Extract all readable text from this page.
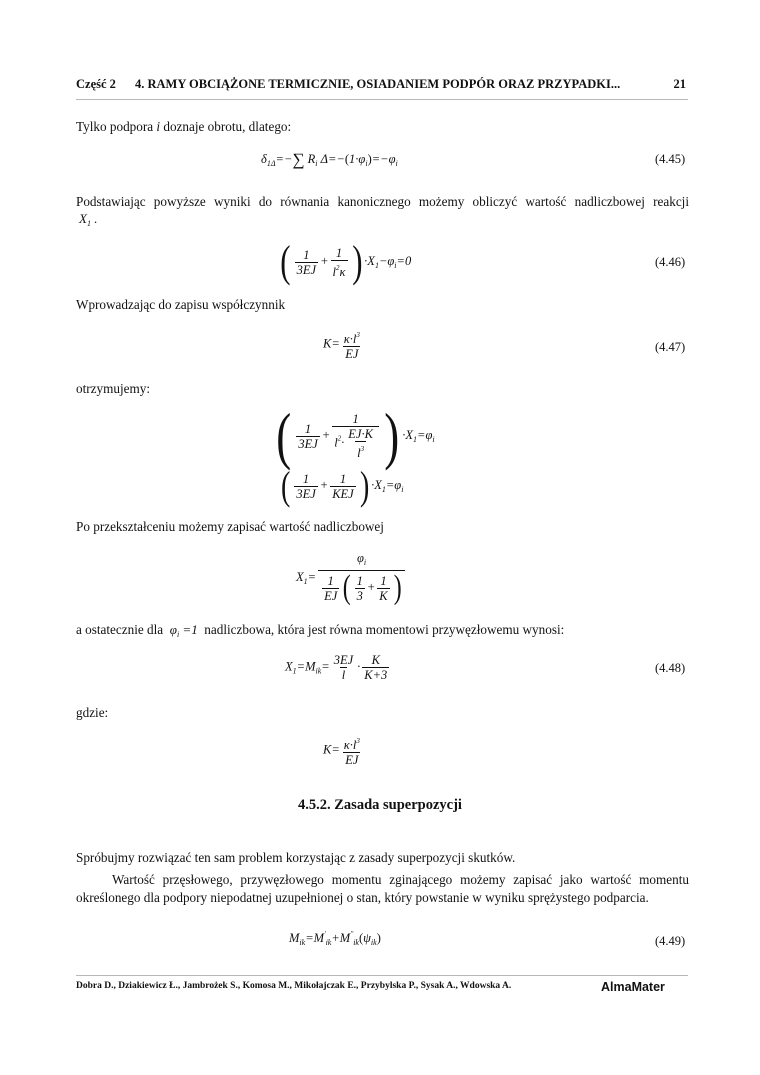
Część 2 4. RAMY OBCIĄŻONE TERMICZNIE, OSIADANIEM PODPÓR ORAZ PRZYPADKI...	21
Tylko podpora i doznaje obrotu, dlatego:
$\delta_{1\Delta}=-\sum$ $R_i$ $\Delta=-(1\cdot\varphi_i)=-\varphi_i$	(4.45)
Podstawiając powyższe wyniki do równania kanonicznego możemy obliczyć wartość nadliczbowej reakcji
$X_1$ .
( $\frac{1}{3EJ} + \frac{1}{l^2\kappa}$ ) $\cdot X_1-\varphi_i=0$	(4.46)
Wprowadzając do zapisu współczynnik
$K= \frac{\kappa\cdot l^3}{EJ}$	(4.47)
otrzymujemy:
( $\frac{1}{3EJ} + \frac{1}{l^2\cdot \frac{EJ\cdot K}{l^3}}$ ) $\cdot X_1=\varphi_i$
( $\frac{1}{3EJ} + \frac{1}{\text{KEJ}}$ ) $\cdot X_1=\varphi_i$
Po przekształceniu możemy zapisać wartość nadliczbowej
$X_1= \frac{\varphi_i}{\frac{1}{EJ} ( \frac{1}{3} + \frac{1}{K} )}$
a ostatecznie dla $\varphi_i =1$ nadliczbowa, która jest równa momentowi przywęzłowemu wynosi:
$X_1=M_{ik}= \frac{3EJ}{l} \cdot \frac{K}{K+3}$	(4.48)
gdzie:
$K= \frac{\kappa\cdot l^3}{EJ}$
4.5.2. Zasada superpozycji
Spróbujmy rozwiązać ten sam problem korzystając z zasady superpozycji skutków.
Wartość przęsłowego, przywęzłowego momentu zginającego możemy zapisać jako wartość momentu
określonego dla podpory niepodatnej uzupełnionej o stan, który powstanie w wyniku sprężystego podparcia.
$M_{ik}=M'_{ik}+M''_{ik}(\psi_{ik})$	(4.49)
Dobra D., Dziakiewicz Ł., Jambrożek S., Komosa M., Mikołajczak E., Przybylska P., Sysak A., Wdowska A.	AlmaMater
